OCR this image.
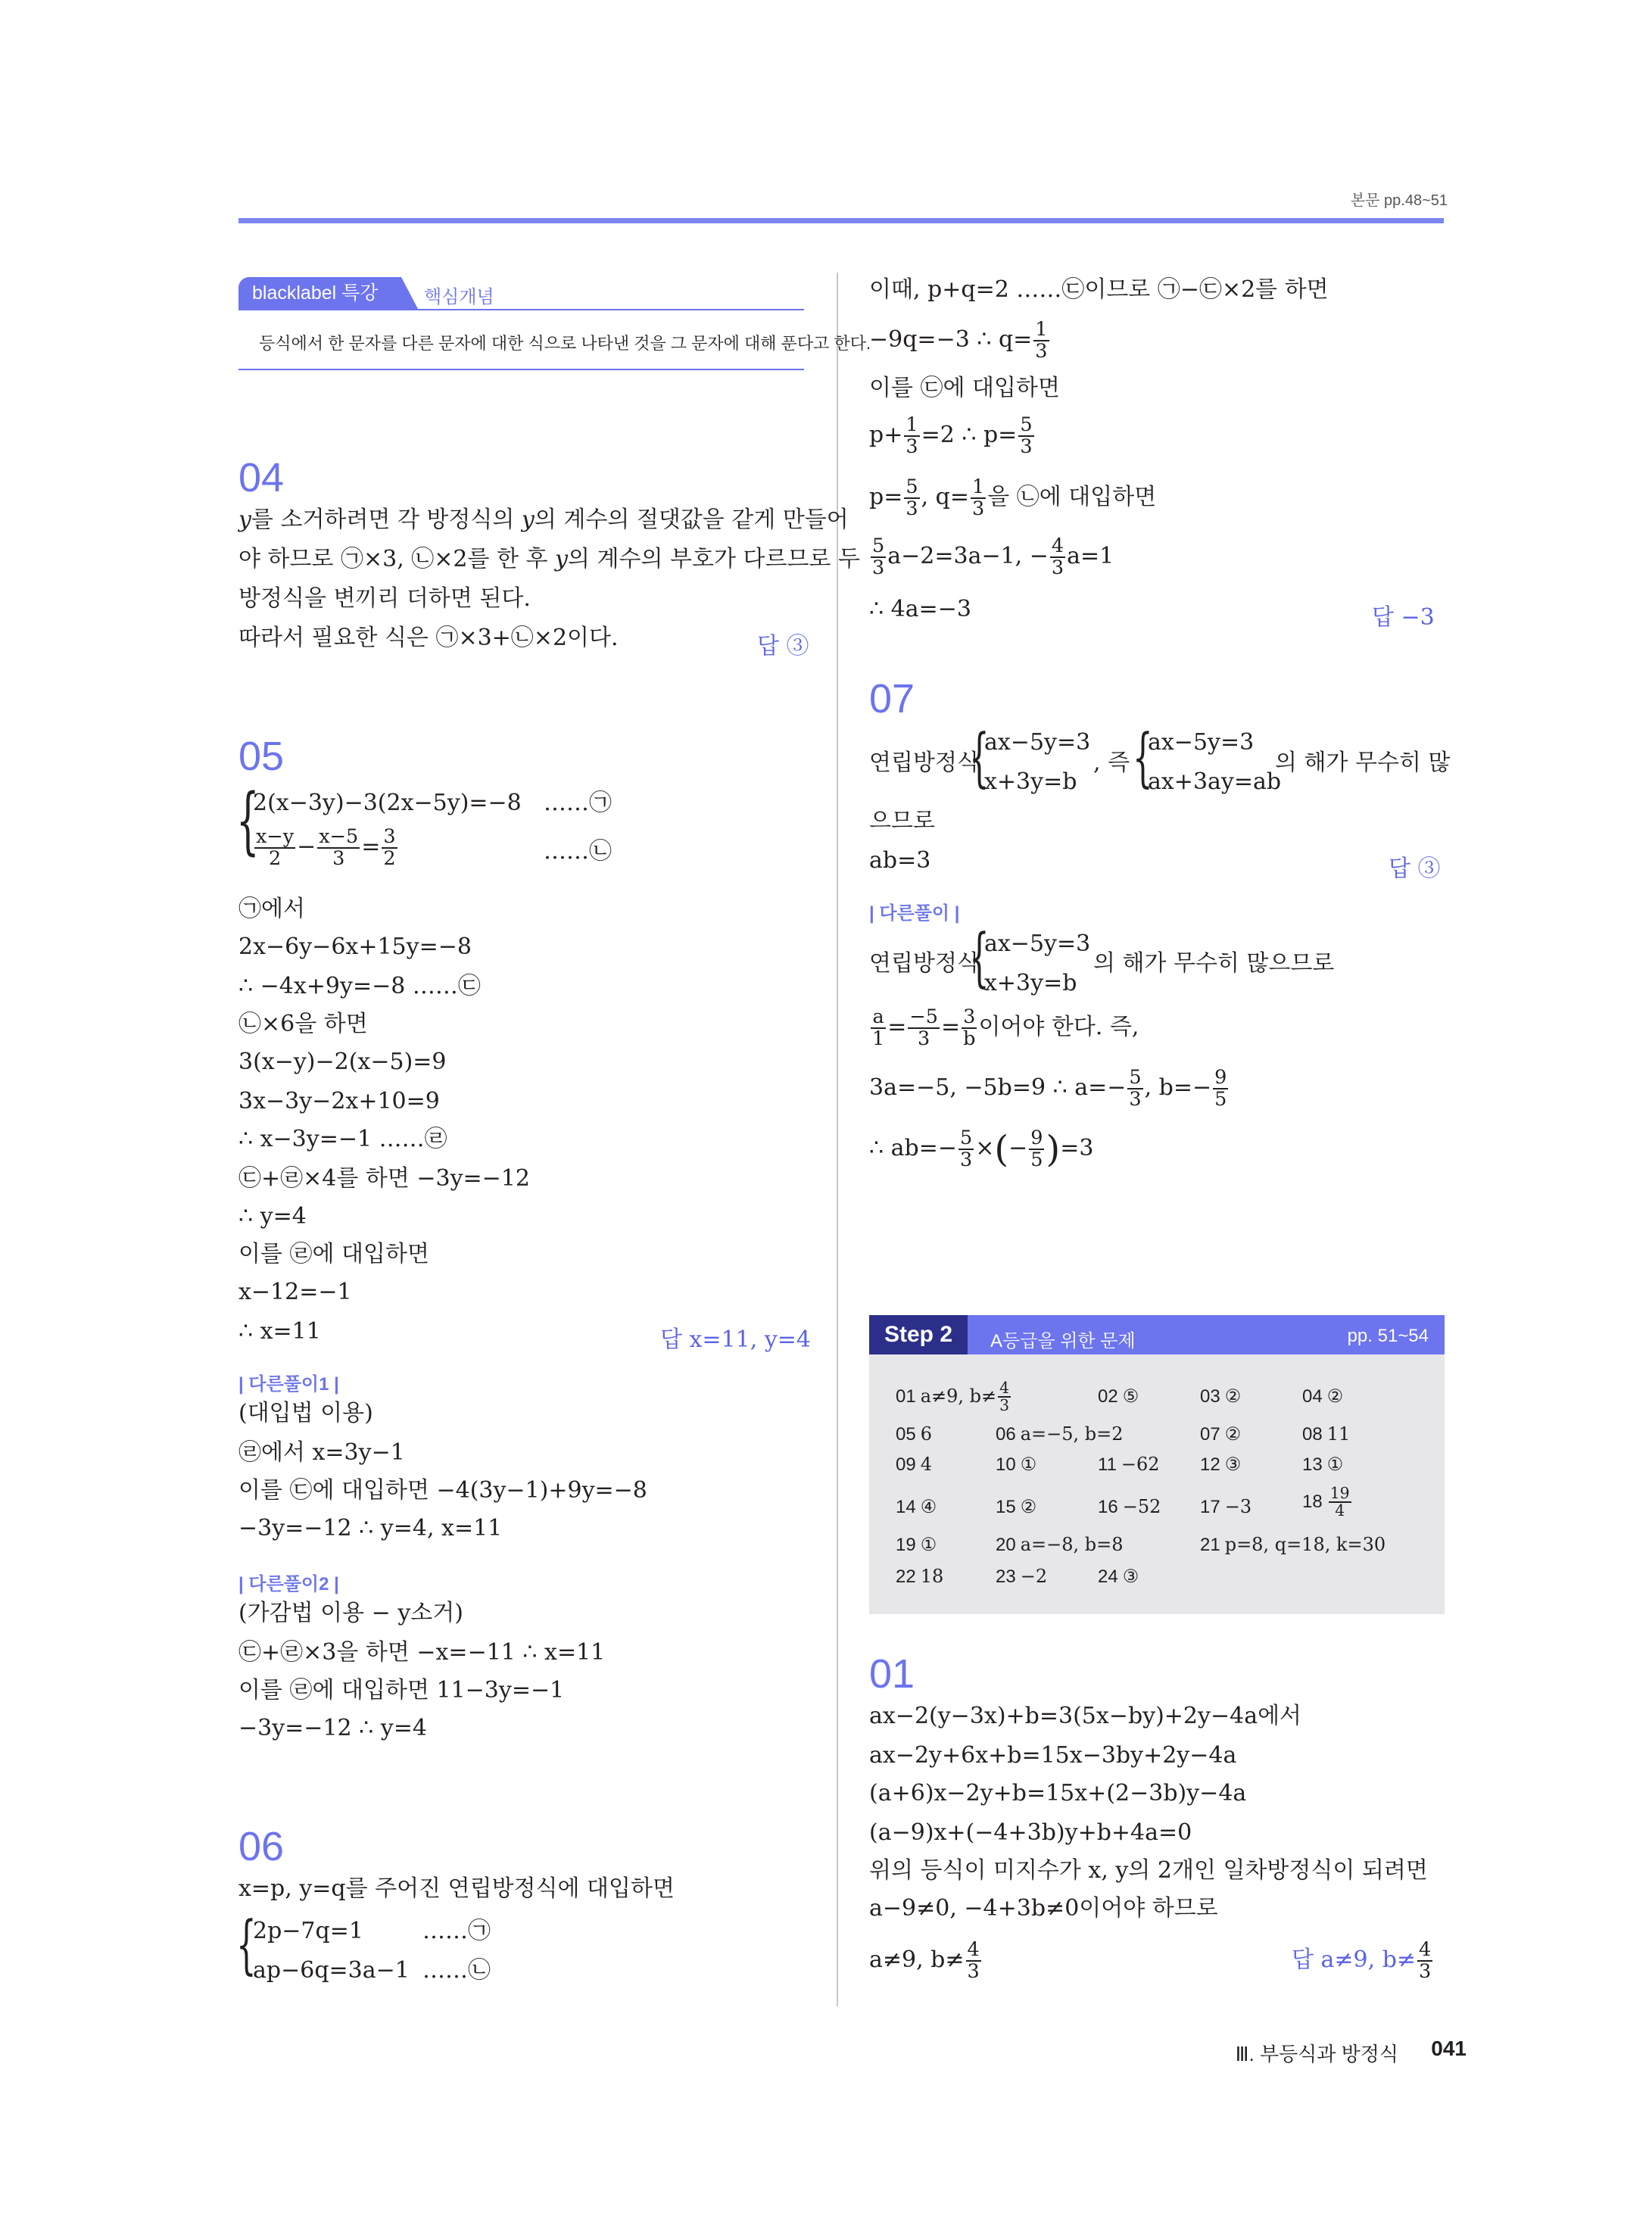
본문 pp.48~51
blacklabel 특강	핵심개념
등식에서 한 문자를 다른 문자에 대한 식으로 나타낸 것을 그 문자에 대해 푼다고 한다.
04
y를 소거하려면 각 방정식의 y의 계수의 절댓값을 같게 만들어
야 하므로 ㉠×3, ㉡×2를 한 후 y의 계수의 부호가 다르므로 두
방정식을 변끼리 더하면 된다.
따라서 필요한 식은 ㉠×3+㉡×2이다.	답 ③
05
{
2(x−3y)−3(2x−5y)=−8 ……㉠
$\frac{x-y}{2} - \frac{x-5}{3} = \frac{3}{2}$	……㉡
㉠에서
2x−6y−6x+15y=−8
∴ −4x+9y=−8 ……㉢
㉡×6을 하면
3(x−y)−2(x−5)=9
3x−3y−2x+10=9
∴ x−3y=−1 ……㉣
㉢+㉣×4를 하면 −3y=−12
∴ y=4
이를 ㉣에 대입하면
x−12=−1
∴ x=11	답 x=11, y=4
| 다른풀이1 |
(대입법 이용)
㉣에서 x=3y−1
이를 ㉢에 대입하면 −4(3y−1)+9y=−8
−3y=−12 ∴ y=4, x=11
| 다른풀이2 |
(가감법 이용 − y소거)
㉢+㉣×3을 하면 −x=−11 ∴ x=11
이를 ㉣에 대입하면 11−3y=−1
−3y=−12 ∴ y=4
06
x=p, y=q를 주어진 연립방정식에 대입하면
{
2p−7q=1	……㉠
ap−6q=3a−1 ……㉡
이때, p+q=2 ……㉢이므로 ㉠−㉢×2를 하면
−9q=−3 ∴ $q= \frac{1}{3}$
이를 ㉢에 대입하면
$p+ \frac{1}{3} =2$ ∴ $p= \frac{5}{3}$
$p= \frac{5}{3}$ , $q= \frac{1}{3}$ 을 ㉡에 대입하면
$\frac{5}{3} a-2=3a-1$, − $\frac{4}{3} a=1$
∴ 4a=−3	답 −3
07
연립방정식
{
ax−5y=3
x+3y=b
, 즉 {
ax−5y=3
ax+3ay=ab
의 해가 무수히 많
으므로
ab=3	답 ③
| 다른풀이 |
연립방정식
{
ax−5y=3
x+3y=b
의 해가 무수히 많으므로
$\frac{a}{1} = \frac{-5}{3} = \frac{3}{b}$ 이어야 한다. 즉,
3a=−5, −5b=9 ∴ $a=- \frac{5}{3}$ , $b=- \frac{9}{5}$
∴ $ab=- \frac{5}{3}$ ×(− $\frac{9}{5} )=3$
Step 2	A등급을 위한 문제	pp. 51~54
01 a≠9, $b\ne \frac{4}{3}$	02 ⑤	03 ②	04 ②
05 6	06 a=−5, b=2	07 ②	08 11
09 4	10 ①	11 −62 12 ③	13 ①
14 ④	15 ②	16 −52 17 −3	$18 \frac{19}{4}$
19 ①	20 a=−8, b=8	21 p=8, q=18, k=30
22 18	23 −2	24 ③
01
ax−2(y−3x)+b=3(5x−by)+2y−4a에서
ax−2y+6x+b=15x−3by+2y−4a
(a+6)x−2y+b=15x+(2−3b)y−4a
(a−9)x+(−4+3b)y+b+4a=0
위의 등식이 미지수가 x, y의 2개인 일차방정식이 되려면
a−9≠0, −4+3b≠0이어야 하므로
a≠9, $b\ne \frac{4}{3}$	답 a≠9, $b\ne \frac{4}{3}$
Ⅲ. 부등식과 방정식 041
